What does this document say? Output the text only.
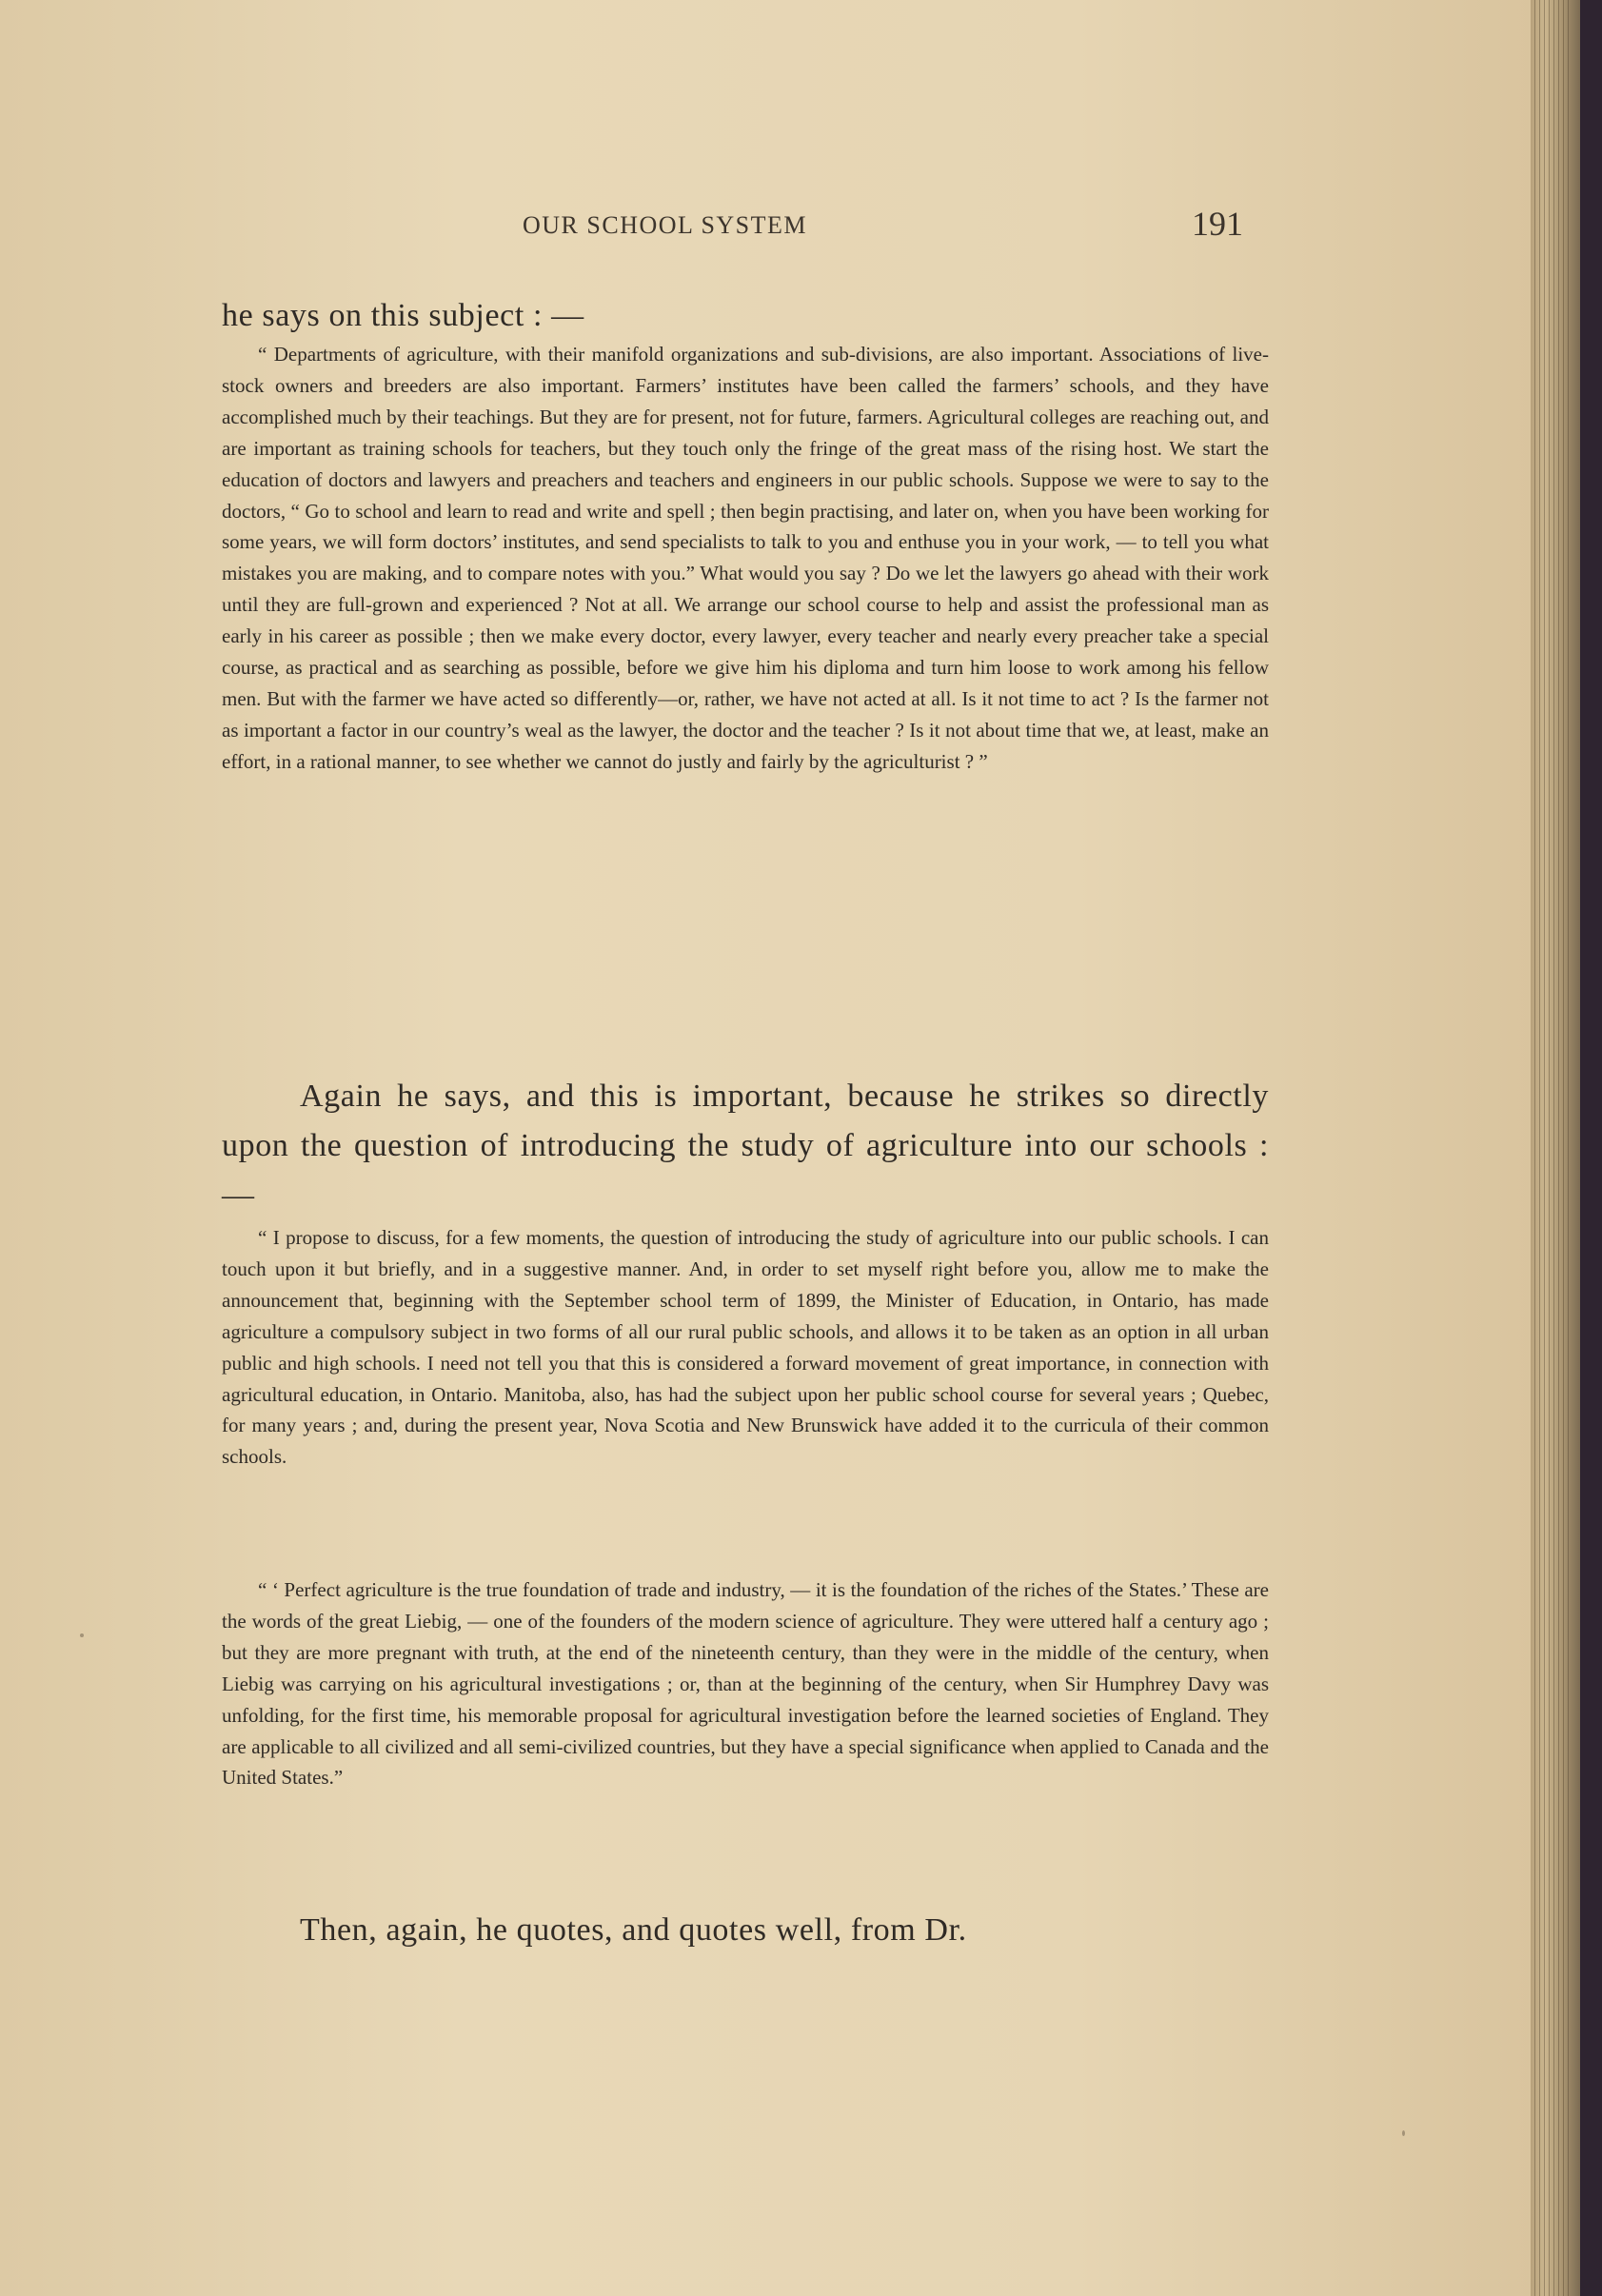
OUR SCHOOL SYSTEM	191
he says on this subject : —
“ Departments of agriculture, with their manifold organizations and sub-divisions, are also important. Associations of live-stock owners and breeders are also important. Farmers’ institutes have been called the farmers’ schools, and they have accomplished much by their teachings. But they are for present, not for future, farmers. Agricultural colleges are reaching out, and are important as training schools for teachers, but they touch only the fringe of the great mass of the rising host. We start the education of doctors and lawyers and preachers and teachers and engineers in our public schools. Suppose we were to say to the doctors, “ Go to school and learn to read and write and spell ; then begin practising, and later on, when you have been working for some years, we will form doctors’ institutes, and send specialists to talk to you and enthuse you in your work, — to tell you what mistakes you are making, and to compare notes with you.” What would you say ? Do we let the lawyers go ahead with their work until they are full-grown and experienced ? Not at all. We arrange our school course to help and assist the professional man as early in his career as possible ; then we make every doctor, every lawyer, every teacher and nearly every preacher take a special course, as practical and as searching as possible, before we give him his diploma and turn him loose to work among his fellow men. But with the farmer we have acted so differently—or, rather, we have not acted at all. Is it not time to act ? Is the farmer not as important a factor in our country’s weal as the lawyer, the doctor and the teacher ? Is it not about time that we, at least, make an effort, in a rational manner, to see whether we cannot do justly and fairly by the agriculturist ? ”
Again he says, and this is important, because he strikes so directly upon the question of introducing the study of agriculture into our schools : —
“ I propose to discuss, for a few moments, the question of introducing the study of agriculture into our public schools. I can touch upon it but briefly, and in a suggestive manner. And, in order to set myself right before you, allow me to make the announcement that, beginning with the September school term of 1899, the Minister of Education, in Ontario, has made agriculture a compulsory subject in two forms of all our rural public schools, and allows it to be taken as an option in all urban public and high schools. I need not tell you that this is considered a forward movement of great importance, in connection with agricultural education, in Ontario. Manitoba, also, has had the subject upon her public school course for several years ; Quebec, for many years ; and, during the present year, Nova Scotia and New Brunswick have added it to the curricula of their common schools.
“ ‘ Perfect agriculture is the true foundation of trade and industry, — it is the foundation of the riches of the States.’ These are the words of the great Liebig, — one of the founders of the modern science of agriculture. They were uttered half a century ago ; but they are more pregnant with truth, at the end of the nineteenth century, than they were in the middle of the century, when Liebig was carrying on his agricultural investigations ; or, than at the beginning of the century, when Sir Humphrey Davy was unfolding, for the first time, his memorable proposal for agricultural investigation before the learned societies of England. They are applicable to all civilized and all semi-civilized countries, but they have a special significance when applied to Canada and the United States.”
Then, again, he quotes, and quotes well, from Dr.
